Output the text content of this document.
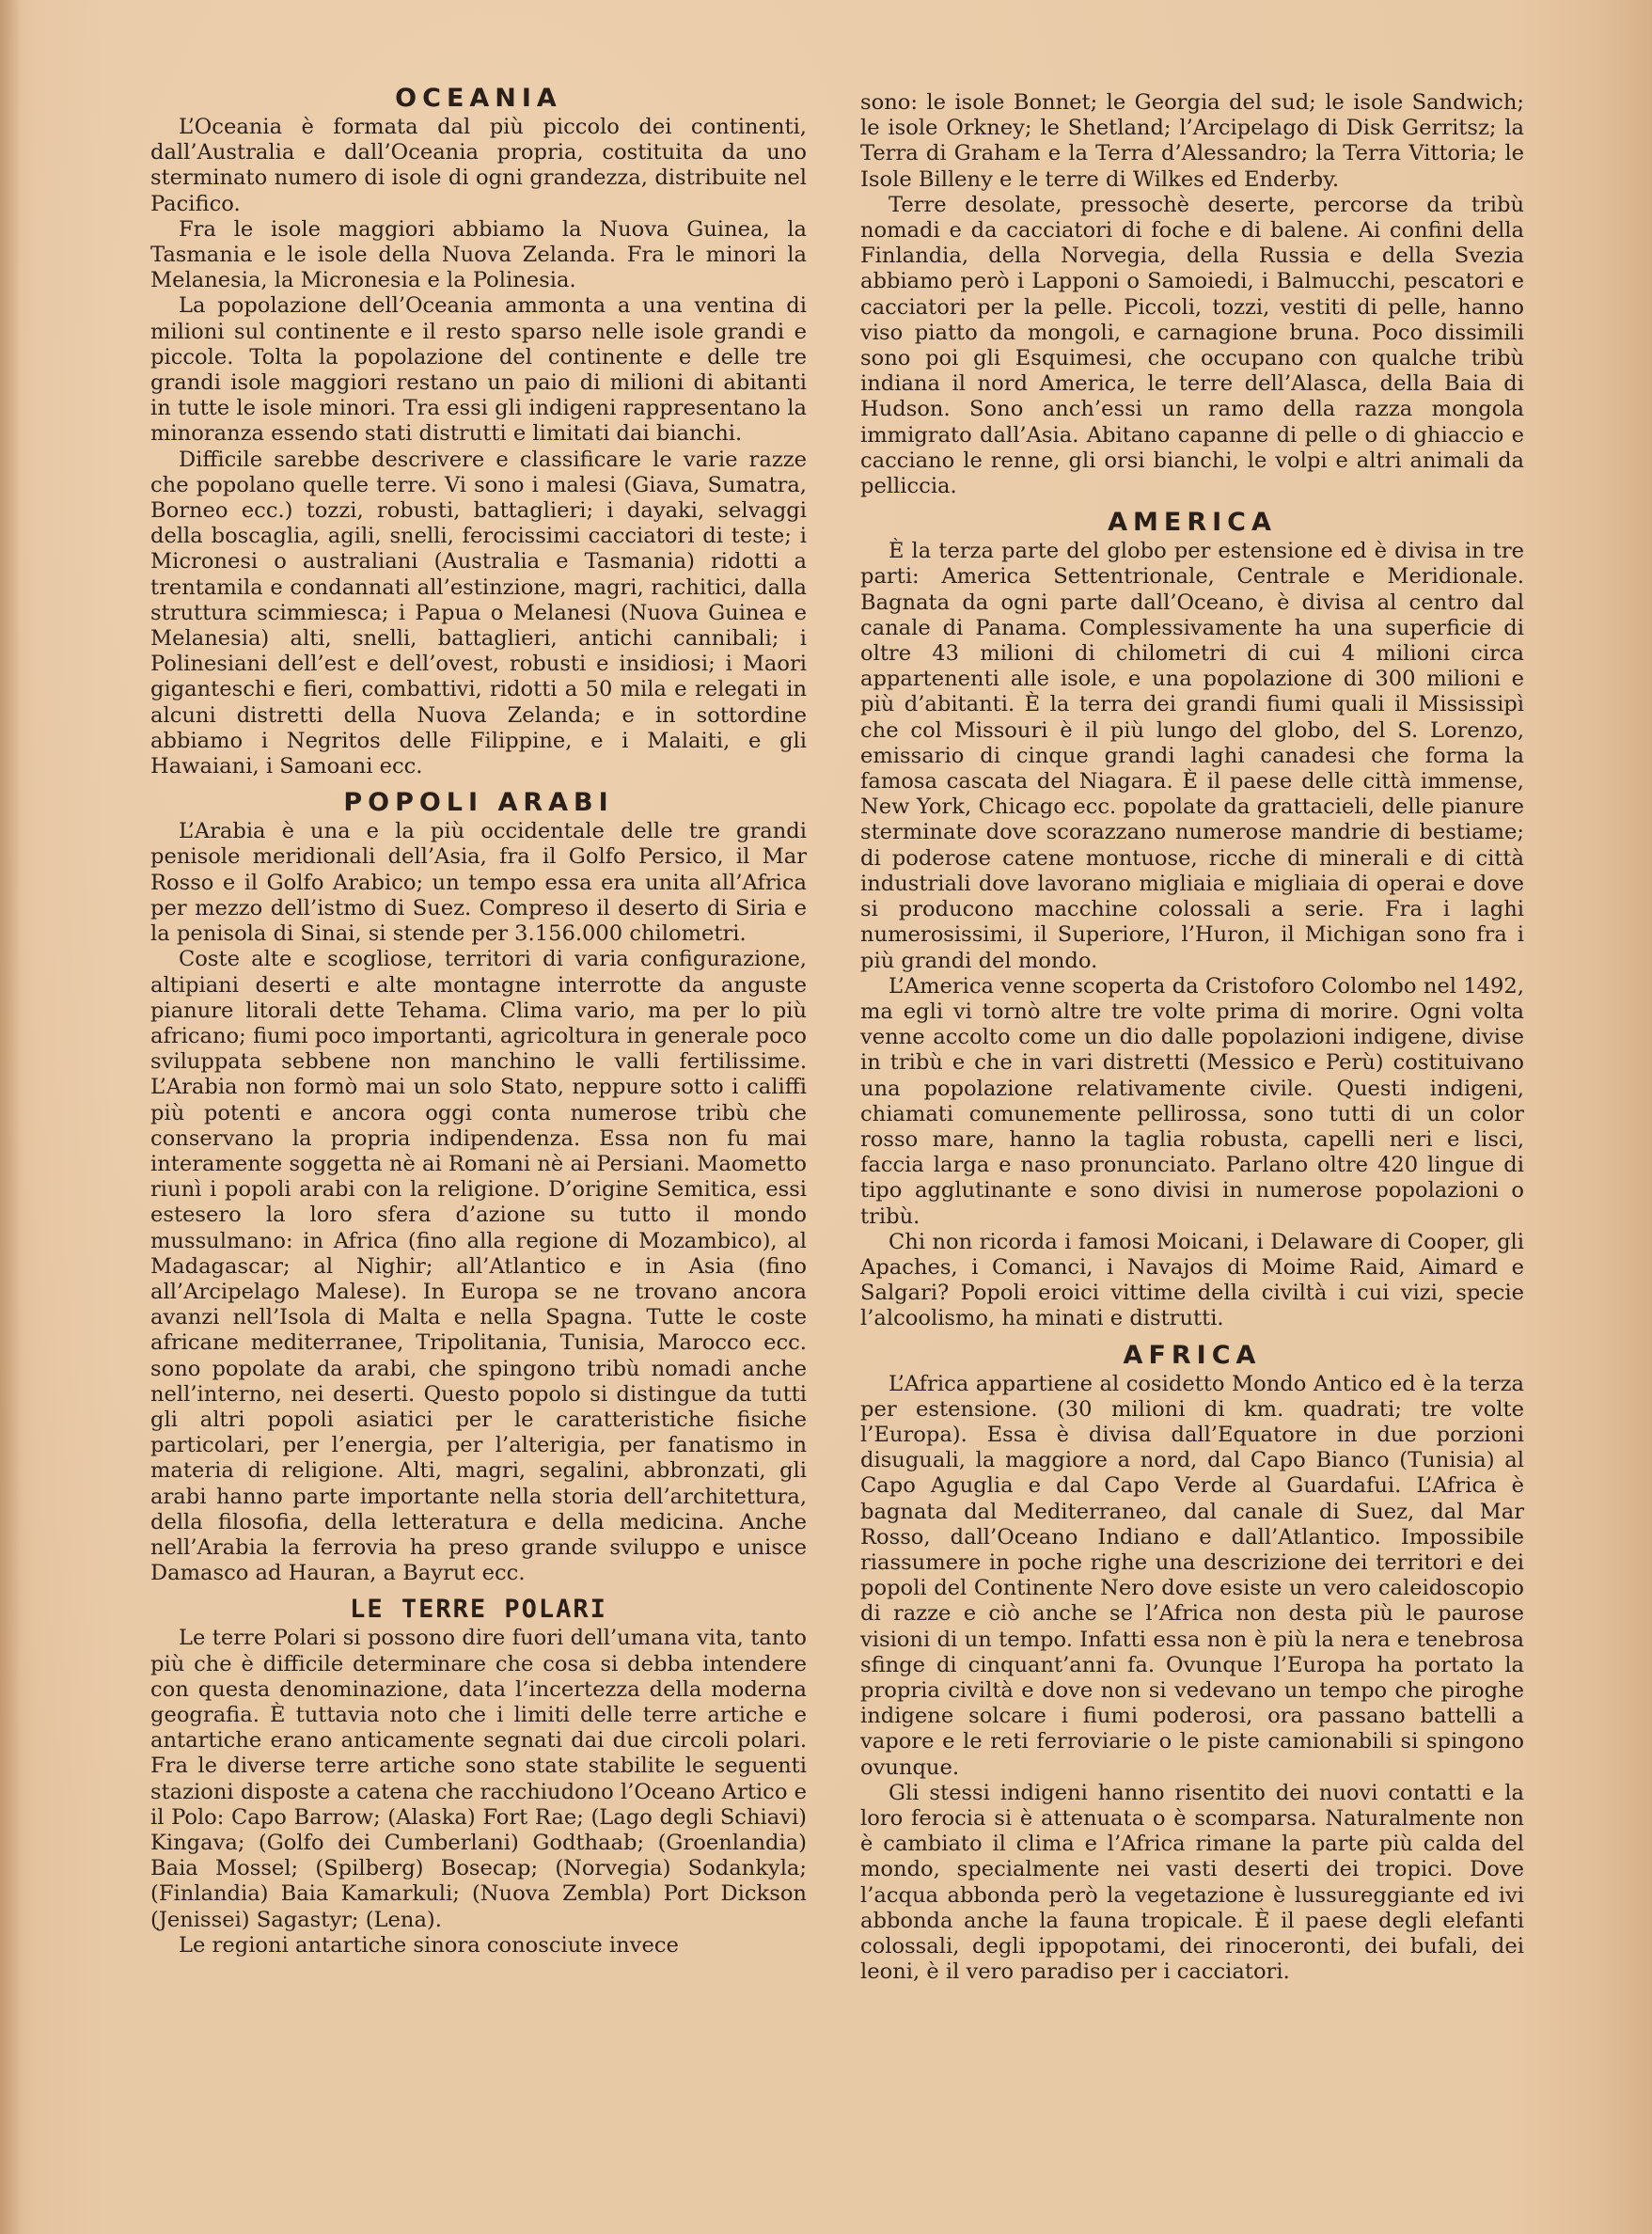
OCEANIA

L’Oceania è formata dal più piccolo dei continenti, dall’Australia e dall’Oceania propria, costituita da uno sterminato numero di isole di ogni grandezza, distribuite nel Pacifico.

Fra le isole maggiori abbiamo la Nuova Guinea, la Tasmania e le isole della Nuova Zelanda. Fra le minori la Melanesia, la Micronesia e la Polinesia.

La popolazione dell’Oceania ammonta a una ventina di milioni sul continente e il resto sparso nelle isole grandi e piccole. Tolta la popolazione del continente e delle tre grandi isole maggiori restano un paio di milioni di abitanti in tutte le isole minori. Tra essi gli indigeni rappresentano la minoranza essendo stati distrutti e limitati dai bianchi.

Difficile sarebbe descrivere e classificare le varie razze che popolano quelle terre. Vi sono i malesi (Giava, Sumatra, Borneo ecc.) tozzi, robusti, battaglieri; i dayaki, selvaggi della boscaglia, agili, snelli, ferocissimi cacciatori di teste; i Micronesi o australiani (Australia e Tasmania) ridotti a trentamila e condannati all’estinzione, magri, rachitici, dalla struttura scimmiesca; i Papua o Melanesi (Nuova Guinea e Melanesia) alti, snelli, battaglieri, antichi cannibali; i Polinesiani dell’est e dell’ovest, robusti e insidiosi; i Maori giganteschi e fieri, combattivi, ridotti a 50 mila e relegati in alcuni distretti della Nuova Zelanda; e in sottordine abbiamo i Negritos delle Filippine, e i Malaiti, e gli Hawaiani, i Samoani ecc.

POPOLI ARABI

L’Arabia è una e la più occidentale delle tre grandi penisole meridionali dell’Asia, fra il Golfo Persico, il Mar Rosso e il Golfo Arabico; un tempo essa era unita all’Africa per mezzo dell’istmo di Suez. Compreso il deserto di Siria e la penisola di Sinai, si stende per 3.156.000 chilometri.

Coste alte e scogliose, territori di varia configurazione, altipiani deserti e alte montagne interrotte da anguste pianure litorali dette Tehama. Clima vario, ma per lo più africano; fiumi poco importanti, agricoltura in generale poco sviluppata sebbene non manchino le valli fertilissime. L’Arabia non formò mai un solo Stato, neppure sotto i califfi più potenti e ancora oggi conta numerose tribù che conservano la propria indipendenza. Essa non fu mai interamente soggetta nè ai Romani nè ai Persiani. Maometto riunì i popoli arabi con la religione. D’origine Semitica, essi estesero la loro sfera d’azione su tutto il mondo mussulmano: in Africa (fino alla regione di Mozambico), al Madagascar; al Nighir; all’Atlantico e in Asia (fino all’Arcipelago Malese). In Europa se ne trovano ancora avanzi nell’Isola di Malta e nella Spagna. Tutte le coste africane mediterranee, Tripolitania, Tunisia, Marocco ecc. sono popolate da arabi, che spingono tribù nomadi anche nell’interno, nei deserti. Questo popolo si distingue da tutti gli altri popoli asiatici per le caratteristiche fisiche particolari, per l’energia, per l’alterigia, per fanatismo in materia di religione. Alti, magri, segalini, abbronzati, gli arabi hanno parte importante nella storia dell’architettura, della filosofia, della letteratura e della medicina. Anche nell’Arabia la ferrovia ha preso grande sviluppo e unisce Damasco ad Hauran, a Bayrut ecc.

LE TERRE POLARI

Le terre Polari si possono dire fuori dell’umana vita, tanto più che è difficile determinare che cosa si debba intendere con questa denominazione, data l’incertezza della moderna geografia. È tuttavia noto che i limiti delle terre artiche e antartiche erano anticamente segnati dai due circoli polari. Fra le diverse terre artiche sono state stabilite le seguenti stazioni disposte a catena che racchiudono l’Oceano Artico e il Polo: Capo Barrow; (Alaska) Fort Rae; (Lago degli Schiavi) Kingava; (Golfo dei Cumberlani) Godthaab; (Groenlandia) Baia Mossel; (Spilberg) Bosecap; (Norvegia) Sodankyla; (Finlandia) Baia Kamarkuli; (Nuova Zembla) Port Dickson (Jenissei) Sagastyr; (Lena).

Le regioni antartiche sinora conosciute invece

sono: le isole Bonnet; le Georgia del sud; le isole Sandwich; le isole Orkney; le Shetland; l’Arcipelago di Disk Gerritsz; la Terra di Graham e la Terra d’Alessandro; la Terra Vittoria; le Isole Billeny e le terre di Wilkes ed Enderby.

Terre desolate, pressochè deserte, percorse da tribù nomadi e da cacciatori di foche e di balene. Ai confini della Finlandia, della Norvegia, della Russia e della Svezia abbiamo però i Lapponi o Samoiedi, i Balmucchi, pescatori e cacciatori per la pelle. Piccoli, tozzi, vestiti di pelle, hanno viso piatto da mongoli, e carnagione bruna. Poco dissimili sono poi gli Esquimesi, che occupano con qualche tribù indiana il nord America, le terre dell’Alasca, della Baia di Hudson. Sono anch’essi un ramo della razza mongola immigrato dall’Asia. Abitano capanne di pelle o di ghiaccio e cacciano le renne, gli orsi bianchi, le volpi e altri animali da pelliccia.

AMERICA

È la terza parte del globo per estensione ed è divisa in tre parti: America Settentrionale, Centrale e Meridionale. Bagnata da ogni parte dall’Oceano, è divisa al centro dal canale di Panama. Complessivamente ha una superficie di oltre 43 milioni di chilometri di cui 4 milioni circa appartenenti alle isole, e una popolazione di 300 milioni e più d’abitanti. È la terra dei grandi fiumi quali il Mississipì che col Missouri è il più lungo del globo, del S. Lorenzo, emissario di cinque grandi laghi canadesi che forma la famosa cascata del Niagara. È il paese delle città immense, New York, Chicago ecc. popolate da grattacieli, delle pianure sterminate dove scorazzano numerose mandrie di bestiame; di poderose catene montuose, ricche di minerali e di città industriali dove lavorano migliaia e migliaia di operai e dove si producono macchine colossali a serie. Fra i laghi numerosissimi, il Superiore, l’Huron, il Michigan sono fra i più grandi del mondo.

L’America venne scoperta da Cristoforo Colombo nel 1492, ma egli vi tornò altre tre volte prima di morire. Ogni volta venne accolto come un dio dalle popolazioni indigene, divise in tribù e che in vari distretti (Messico e Perù) costituivano una popolazione relativamente civile. Questi indigeni, chiamati comunemente pellirossa, sono tutti di un color rosso mare, hanno la taglia robusta, capelli neri e lisci, faccia larga e naso pronunciato. Parlano oltre 420 lingue di tipo agglutinante e sono divisi in numerose popolazioni o tribù.

Chi non ricorda i famosi Moicani, i Delaware di Cooper, gli Apaches, i Comanci, i Navajos di Moime Raid, Aimard e Salgari? Popoli eroici vittime della civiltà i cui vizi, specie l’alcoolismo, ha minati e distrutti.

AFRICA

L’Africa appartiene al cosidetto Mondo Antico ed è la terza per estensione. (30 milioni di km. quadrati; tre volte l’Europa). Essa è divisa dall’Equatore in due porzioni disuguali, la maggiore a nord, dal Capo Bianco (Tunisia) al Capo Aguglia e dal Capo Verde al Guardafui. L’Africa è bagnata dal Mediterraneo, dal canale di Suez, dal Mar Rosso, dall’Oceano Indiano e dall’Atlantico. Impossibile riassumere in poche righe una descrizione dei territori e dei popoli del Continente Nero dove esiste un vero caleidoscopio di razze e ciò anche se l’Africa non desta più le paurose visioni di un tempo. Infatti essa non è più la nera e tenebrosa sfinge di cinquant’anni fa. Ovunque l’Europa ha portato la propria civiltà e dove non si vedevano un tempo che piroghe indigene solcare i fiumi poderosi, ora passano battelli a vapore e le reti ferroviarie o le piste camionabili si spingono ovunque.

Gli stessi indigeni hanno risentito dei nuovi contatti e la loro ferocia si è attenuata o è scomparsa. Naturalmente non è cambiato il clima e l’Africa rimane la parte più calda del mondo, specialmente nei vasti deserti dei tropici. Dove l’acqua abbonda però la vegetazione è lussureggiante ed ivi abbonda anche la fauna tropicale. È il paese degli elefanti colossali, degli ippopotami, dei rinoceronti, dei bufali, dei leoni, è il vero paradiso per i cacciatori.
